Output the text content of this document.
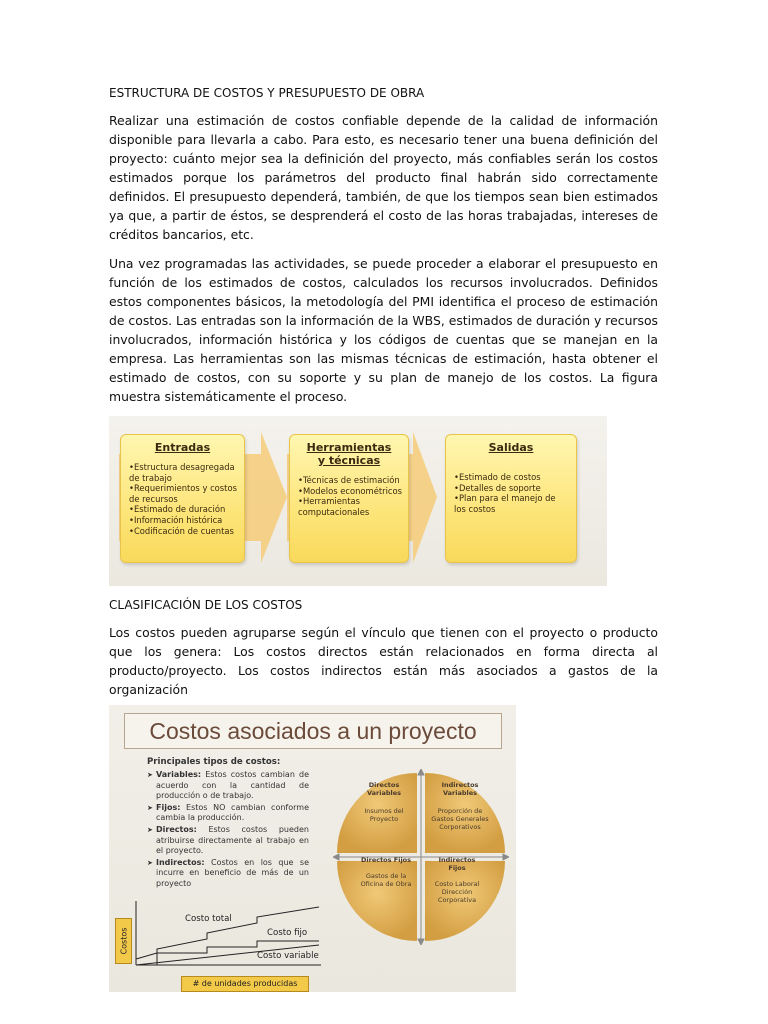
ESTRUCTURA DE COSTOS Y PRESUPUESTO DE OBRA

Realizar una estimación de costos confiable depende de la calidad de información disponible para llevarla a cabo. Para esto, es necesario tener una buena definición del proyecto: cuánto mejor sea la definición del proyecto, más confiables serán los costos estimados porque los parámetros del producto final habrán sido correctamente definidos. El presupuesto dependerá, también, de que los tiempos sean bien estimados ya que, a partir de éstos, se desprenderá el costo de las horas trabajadas, intereses de créditos bancarios, etc.

Una vez programadas las actividades, se puede proceder a elaborar el presupuesto en función de los estimados de costos, calculados los recursos involucrados. Definidos estos componentes básicos, la metodología del PMI identifica el proceso de estimación de costos. Las entradas son la información de la WBS, estimados de duración y recursos involucrados, información histórica y los códigos de cuentas que se manejan en la empresa. Las herramientas son las mismas técnicas de estimación, hasta obtener el estimado de costos, con su soporte y su plan de manejo de los costos. La figura muestra sistemáticamente el proceso.

Entradas
•Estructura desagregada de trabajo
•Requerimientos y costos de recursos
•Estimado de duración
•Información histórica
•Codificación de cuentas
Herramientas y técnicas
•Técnicas de estimación
•Modelos econométricos
•Herramientas computacionales
Salidas
•Estimado de costos
•Detalles de soporte
•Plan para el manejo de los costos
CLASIFICACIÓN DE LOS COSTOS

Los costos pueden agruparse según el vínculo que tienen con el proyecto o producto que los genera: Los costos directos están relacionados en forma directa al producto/proyecto. Los costos indirectos están más asociados a gastos de la organización

Costos asociados a un proyecto
Principales tipos de costos:
➤ Variables: Estos costos cambian de acuerdo con la cantidad de producción o de trabajo.
➤ Fijos: Estos NO cambian conforme cambia la producción.
➤ Directos: Estos costos pueden atribuirse directamente al trabajo en el proyecto.
➤ Indirectos: Costos en los que se incurre en beneficio de más de un proyecto
Directos Variables
Insumos del Proyecto
Indirectos Variables
Proporción de Gastos Generales Corporativos
Directos Fijos
Gastos de la Oficina de Obra
Indirectos Fijos
Costo Laboral Dirección Corporativa
Costo total
Costo fijo
Costo variable
Costos
# de unidades producidas
